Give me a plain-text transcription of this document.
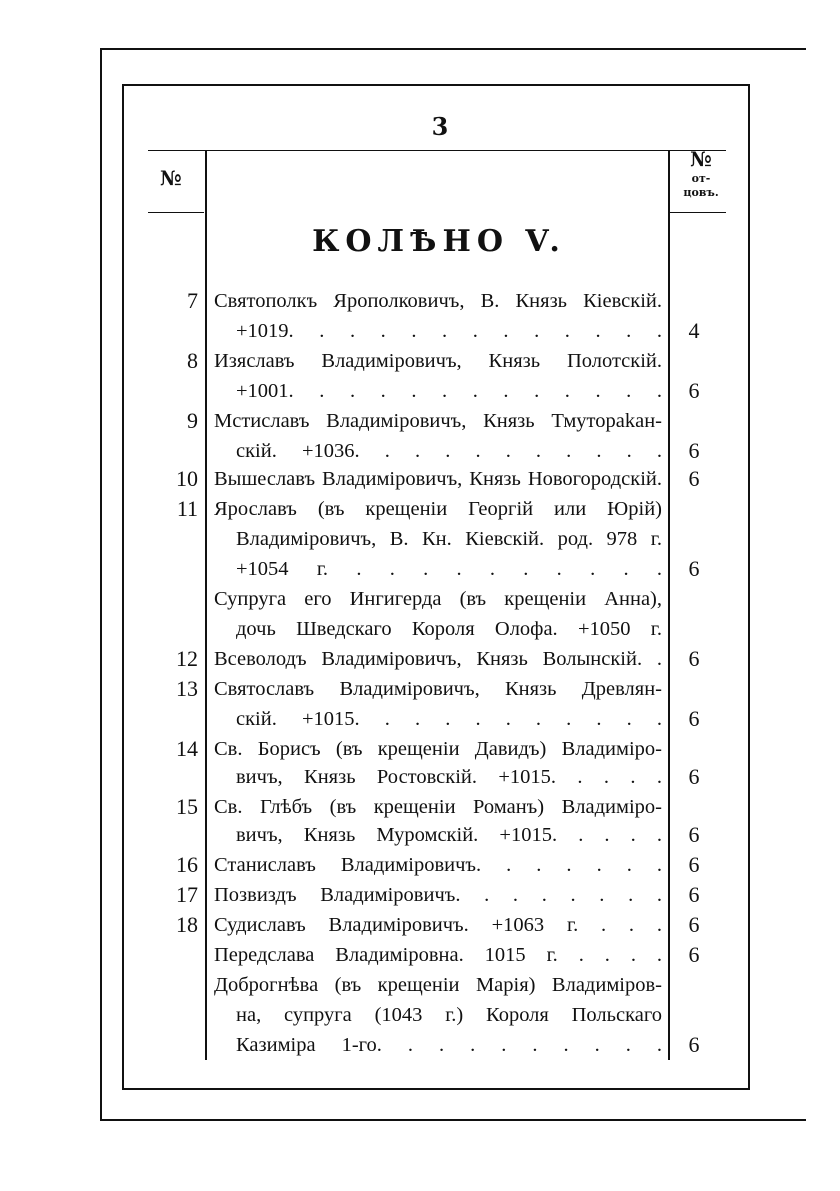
3
№
№
от-
цовъ.
КОЛѢНО V.
7 Святополкъ Ярополковичъ, В. Князь Кіевскій.
+1019. . . . . . . . . . . . .	4
8 Изяславъ Владиміровичъ, Князь Полотскій.
+1001. . . . . . . . . . . . .	6
9 Мстиславъ Владиміровичъ, Князь Тмутораkан-
скій. +1036. . . . . . . . . . .	6
10 Вышеславъ Владиміровичъ, Князь Новогородскій.	6
11 Ярославъ (въ крещеніи Георгій или Юрій)
Владиміровичъ, В. Кн. Кіевскій. род. 978 г.
+1054 г. . . . . . . . . . .	6
Супруга его Ингигерда (въ крещеніи Анна),
дочь Шведскаго Короля Олофа. +1050 г.
12 Всеволодъ Владиміровичъ, Князь Волынскій. .	6
13 Святославъ Владиміровичъ, Князь Древлян-
скій. +1015. . . . . . . . . . .	6
14 Св. Борисъ (въ крещеніи Давидъ) Владиміро-
вичъ, Князь Ростовскій. +1015. . . . .	6
15 Св. Глѣбъ (въ крещеніи Романъ) Владиміро-
вичъ, Князь Муромскій. +1015. . . . .	6
16 Станиславъ Владиміровичъ. . . . . . .	6
17 Позвиздъ Владиміровичъ. . . . . . . .	6
18 Судиславъ Владиміровичъ. +1063 г. . . .	6
Передслава Владиміровна. 1015 г. . . . .	6
Доброгнѣва (въ крещеніи Марія) Владиміров-
на, супруга (1043 г.) Короля Польскаго
Казиміра 1-го. . . . . . . . . .	6
